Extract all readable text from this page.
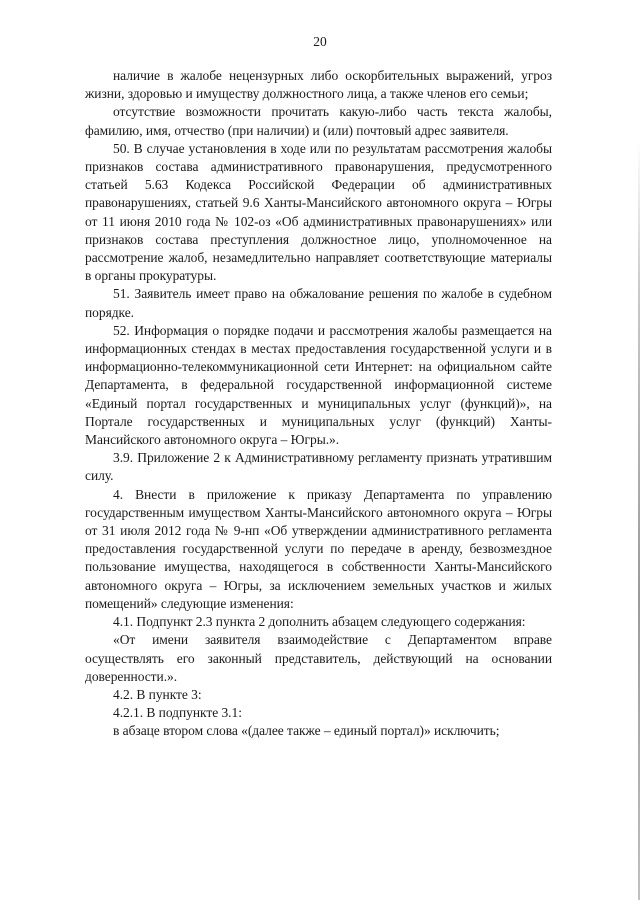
20

наличие в жалобе нецензурных либо оскорбительных выражений, угроз жизни, здоровью и имуществу должностного лица, а также членов его семьи;

отсутствие возможности прочитать какую-либо часть текста жалобы, фамилию, имя, отчество (при наличии) и (или) почтовый адрес заявителя.

50. В случае установления в ходе или по результатам рассмотрения жалобы признаков состава административного правонарушения, предусмотренного статьей 5.63 Кодекса Российской Федерации об административных правонарушениях, статьей 9.6 Ханты-Мансийского автономного округа – Югры от 11 июня 2010 года № 102-оз «Об административных правонарушениях» или признаков состава преступления должностное лицо, уполномоченное на рассмотрение жалоб, незамедлительно направляет соответствующие материалы в органы прокуратуры.

51. Заявитель имеет право на обжалование решения по жалобе в судебном порядке.

52. Информация о порядке подачи и рассмотрения жалобы размещается на информационных стендах в местах предоставления государственной услуги и в информационно-телекоммуникационной сети Интернет: на официальном сайте Департамента, в федеральной государственной информационной системе «Единый портал государственных и муниципальных услуг (функций)», на Портале государственных и муниципальных услуг (функций) Ханты-Мансийского автономного округа – Югры.».

3.9. Приложение 2 к Административному регламенту признать утратившим силу.

4. Внести в приложение к приказу Департамента по управлению государственным имуществом Ханты-Мансийского автономного округа – Югры от 31 июля 2012 года № 9-нп «Об утверждении административного регламента предоставления государственной услуги по передаче в аренду, безвозмездное пользование имущества, находящегося в собственности Ханты-Мансийского автономного округа – Югры, за исключением земельных участков и жилых помещений» следующие изменения:

4.1. Подпункт 2.3 пункта 2 дополнить абзацем следующего содержания:

«От имени заявителя взаимодействие с Департаментом вправе осуществлять его законный представитель, действующий на основании доверенности.».

4.2. В пункте 3:

4.2.1. В подпункте 3.1:

в абзаце втором слова «(далее также – единый портал)» исключить;
